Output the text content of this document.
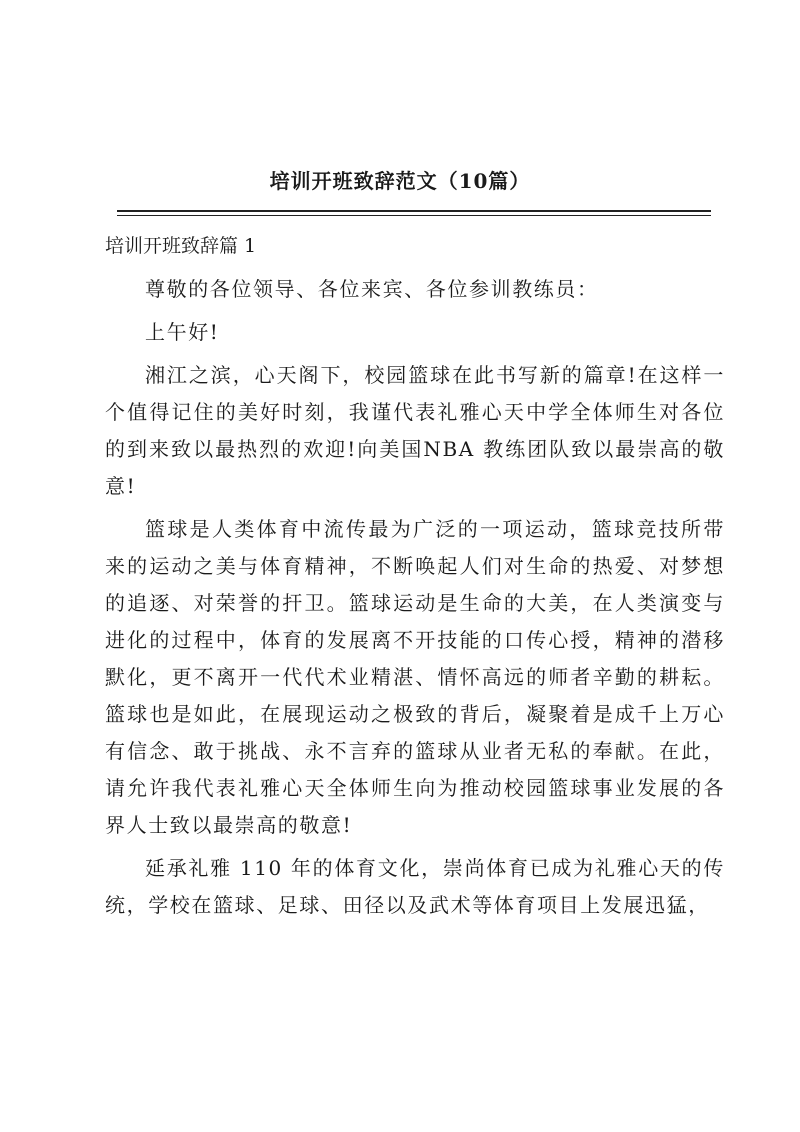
培训开班致辞范文（10篇）

培训开班致辞篇 1

尊敬的各位领导、各位来宾、各位参训教练员：

上午好!

湘江之滨，心天阁下，校园篮球在此书写新的篇章!在这样一个值得记住的美好时刻，我谨代表礼雅心天中学全体师生对各位的到来致以最热烈的欢迎!向美国NBA 教练团队致以最崇高的敬意!

篮球是人类体育中流传最为广泛的一项运动，篮球竞技所带来的运动之美与体育精神，不断唤起人们对生命的热爱、对梦想的追逐、对荣誉的扞卫。篮球运动是生命的大美，在人类演变与进化的过程中，体育的发展离不开技能的口传心授，精神的潜移默化，更不离开一代代术业精湛、情怀高远的师者辛勤的耕耘。篮球也是如此，在展现运动之极致的背后，凝聚着是成千上万心有信念、敢于挑战、永不言弃的篮球从业者无私的奉献。在此，请允许我代表礼雅心天全体师生向为推动校园篮球事业发展的各界人士致以最崇高的敬意!

延承礼雅 110 年的体育文化，崇尚体育已成为礼雅心天的传统，学校在篮球、足球、田径以及武术等体育项目上发展迅猛，
